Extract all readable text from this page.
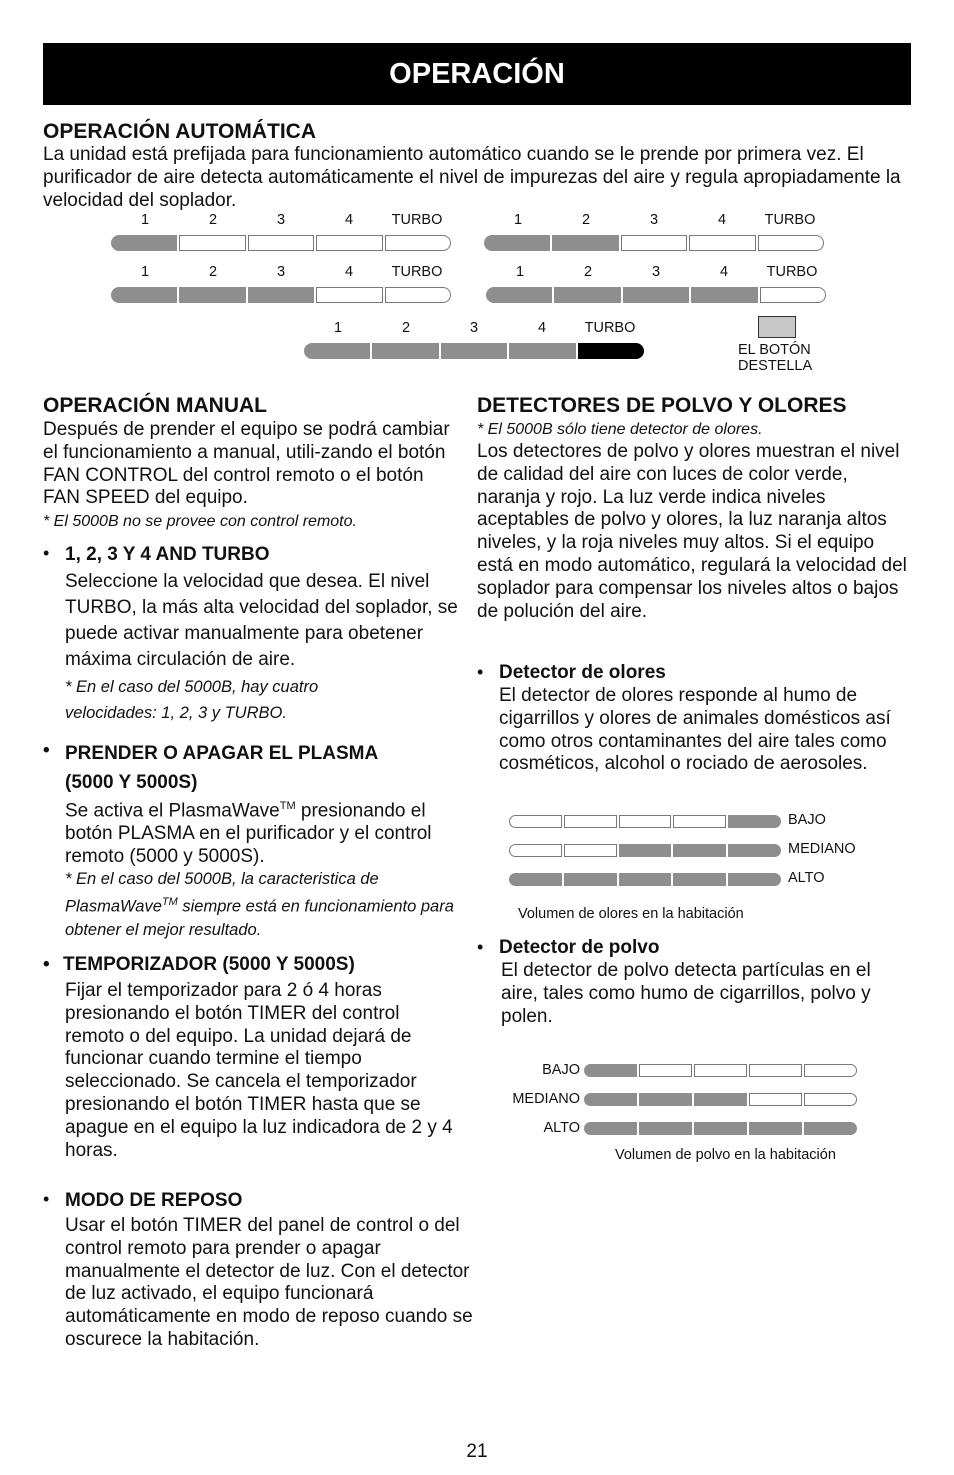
OPERACIÓN
OPERACIÓN AUTOMÁTICA
La unidad está prefijada para funcionamiento automático cuando se le prende por primera vez. El purificador de aire detecta automáticamente el nivel de impurezas del aire y regula apropiadamente la velocidad del soplador.
1	2	3	4	TURBO	1	2	3	4	TURBO
1	2	3	4	TURBO	1	2	3	4	TURBO
1	2	3	4	TURBO
EL BOTÓN
DESTELLA
OPERACIÓN MANUAL
Después de prender el equipo se podrá cambiar el funcionamiento a manual, utili-zando el botón FAN CONTROL del control remoto o el botón FAN SPEED del equipo.
* El 5000B no se provee con control remoto.
• 1, 2, 3 Y 4 AND TURBO
Seleccione la velocidad que desea. El nivel TURBO, la más alta velocidad del soplador, se puede activar manualmente para obetener máxima circulación de aire.
* En el caso del 5000B, hay cuatro velocidades: 1, 2, 3 y TURBO.
• PRENDER O APAGAR EL PLASMA
(5000 Y 5000S)
Se activa el PlasmaWave™ presionando el botón PLASMA en el purificador y el control remoto (5000 y 5000S).
* En el caso del 5000B, la caracteristica de PlasmaWave™ siempre está en funcionamiento para obtener el mejor resultado.
• TEMPORIZADOR (5000 Y 5000S)
Fijar el temporizador para 2 ó 4 horas presionando el botón TIMER del control remoto o del equipo. La unidad dejará de funcionar cuando termine el tiempo seleccionado. Se cancela el temporizador presionando el botón TIMER hasta que se apague en el equipo la luz indicadora de 2 y 4 horas.
• MODO DE REPOSO
Usar el botón TIMER del panel de control o del control remoto para prender o apagar manualmente el detector de luz. Con el detector de luz activado, el equipo funcionará automáticamente en modo de reposo cuando se oscurece la habitación.
DETECTORES DE POLVO Y OLORES
* El 5000B sólo tiene detector de olores.
Los detectores de polvo y olores muestran el nivel de calidad del aire con luces de color verde, naranja y rojo. La luz verde indica niveles aceptables de polvo y olores, la luz naranja altos niveles, y la roja niveles muy altos. Si el equipo está en modo automático, regulará la velocidad del soplador para compensar los niveles altos o bajos de polución del aire.
• Detector de olores
El detector de olores responde al humo de cigarrillos y olores de animales domésticos así como otros contaminantes del aire tales como cosméticos, alcohol o rociado de aerosoles.
BAJO
MEDIANO
ALTO
Volumen de olores en la habitación
• Detector de polvo
El detector de polvo detecta partículas en el aire, tales como humo de cigarrillos, polvo y polen.
BAJO
MEDIANO
ALTO
Volumen de polvo en la habitación
21
